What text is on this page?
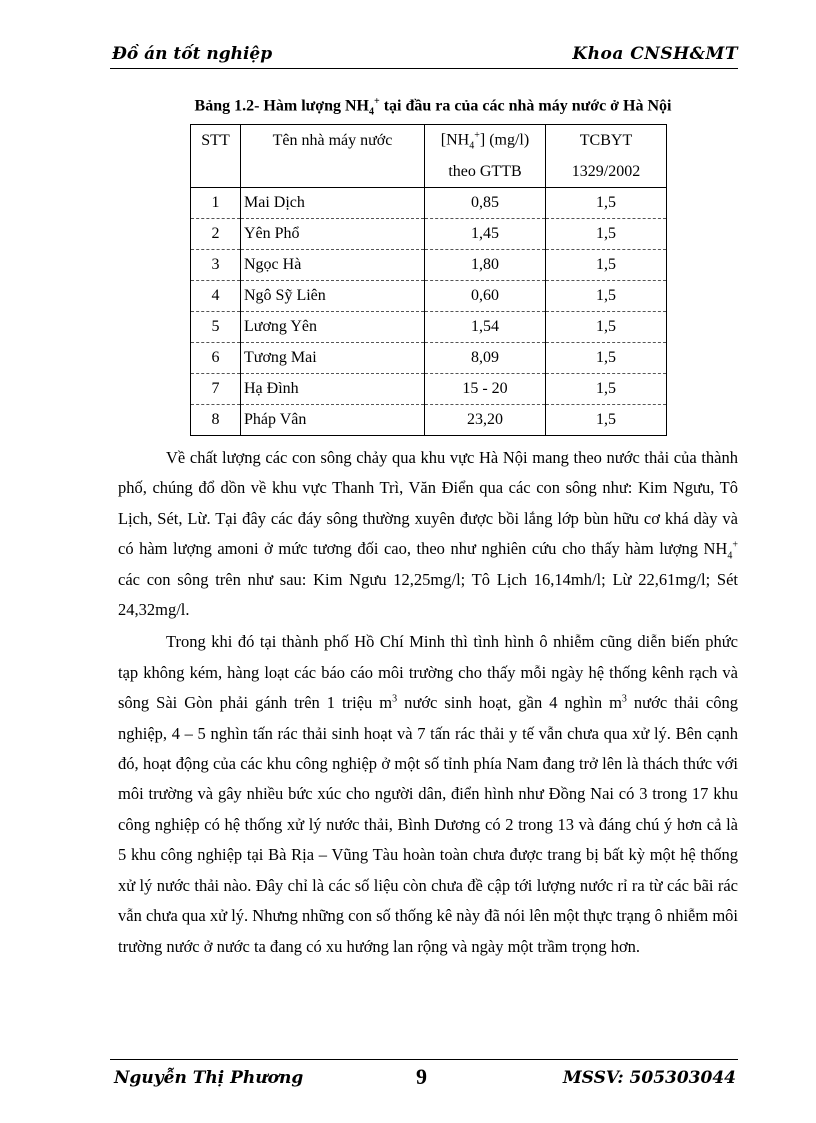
Đồ án tốt nghiệp	Khoa CNSH&MT
Bảng 1.2- Hàm lượng $NH_4^+$ tại đầu ra của các nhà máy nước ở Hà Nội
STT	Tên nhà máy nước	$[NH_4^+]$ (mg/l)	TCBYT
		theo GTTB	1329/2002
1	Mai Dịch	0,85	1,5
2	Yên Phổ	1,45	1,5
3	Ngọc Hà	1,80	1,5
4	Ngô Sỹ Liên	0,60	1,5
5	Lương Yên	1,54	1,5
6	Tương Mai	8,09	1,5
7	Hạ Đình	15 - 20	1,5
8	Pháp Vân	23,20	1,5

Về chất lượng các con sông chảy qua khu vực Hà Nội mang theo nước thải của thành phố, chúng đổ dồn về khu vực Thanh Trì, Văn Điển qua các con sông như: Kim Ngưu, Tô Lịch, Sét, Lừ. Tại đây các đáy sông thường xuyên được bồi lắng lớp bùn hữu cơ khá dày và có hàm lượng amoni ở mức tương đối cao, theo như nghiên cứu cho thấy hàm lượng $NH_4^+$ các con sông trên như sau: Kim Ngưu 12,25mg/l; Tô Lịch 16,14mh/l; Lừ 22,61mg/l; Sét 24,32mg/l.

Trong khi đó tại thành phố Hồ Chí Minh thì tình hình ô nhiễm cũng diễn biến phức tạp không kém, hàng loạt các báo cáo môi trường cho thấy mỗi ngày hệ thống kênh rạch và sông Sài Gòn phải gánh trên 1 triệu $m^3$ nước sinh hoạt, gần 4 nghìn $m^3$ nước thải công nghiệp, 4 – 5 nghìn tấn rác thải sinh hoạt và 7 tấn rác thải y tế vẫn chưa qua xử lý. Bên cạnh đó, hoạt động của các khu công nghiệp ở một số tỉnh phía Nam đang trở lên là thách thức với môi trường và gây nhiều bức xúc cho người dân, điển hình như Đồng Nai có 3 trong 17 khu công nghiệp có hệ thống xử lý nước thải, Bình Dương có 2 trong 13 và đáng chú ý hơn cả là 5 khu công nghiệp tại Bà Rịa – Vũng Tàu hoàn toàn chưa được trang bị bất kỳ một hệ thống xử lý nước thải nào. Đây chỉ là các số liệu còn chưa đề cập tới lượng nước rỉ ra từ các bãi rác vẫn chưa qua xử lý. Nhưng những con số thống kê này đã nói lên một thực trạng ô nhiễm môi trường nước ở nước ta đang có xu hướng lan rộng và ngày một trầm trọng hơn.

Nguyễn Thị Phương	9	MSSV: 505303044
